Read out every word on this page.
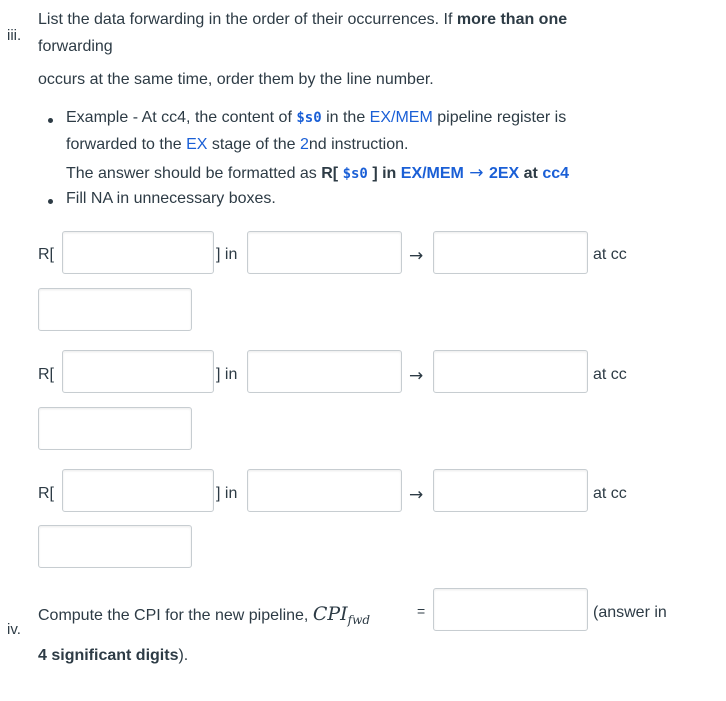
iii.
List the data forwarding in the order of their occurrences. If more than one
forwarding
occurs at the same time, order them by the line number.
Example - At cc4, the content of $s0 in the EX/MEM pipeline register is
forwarded to the EX stage of the 2nd instruction.
The answer should be formatted as R[ $s0 ] in EX/MEM → 2EX at cc4
Fill NA in unnecessary boxes.
R[	] in	→	at cc
R[	] in	→	at cc
R[	] in	→	at cc
iv.
Compute the CPI for the new pipeline, $CPI_{fwd}$
=	(answer in
4 significant digits).
